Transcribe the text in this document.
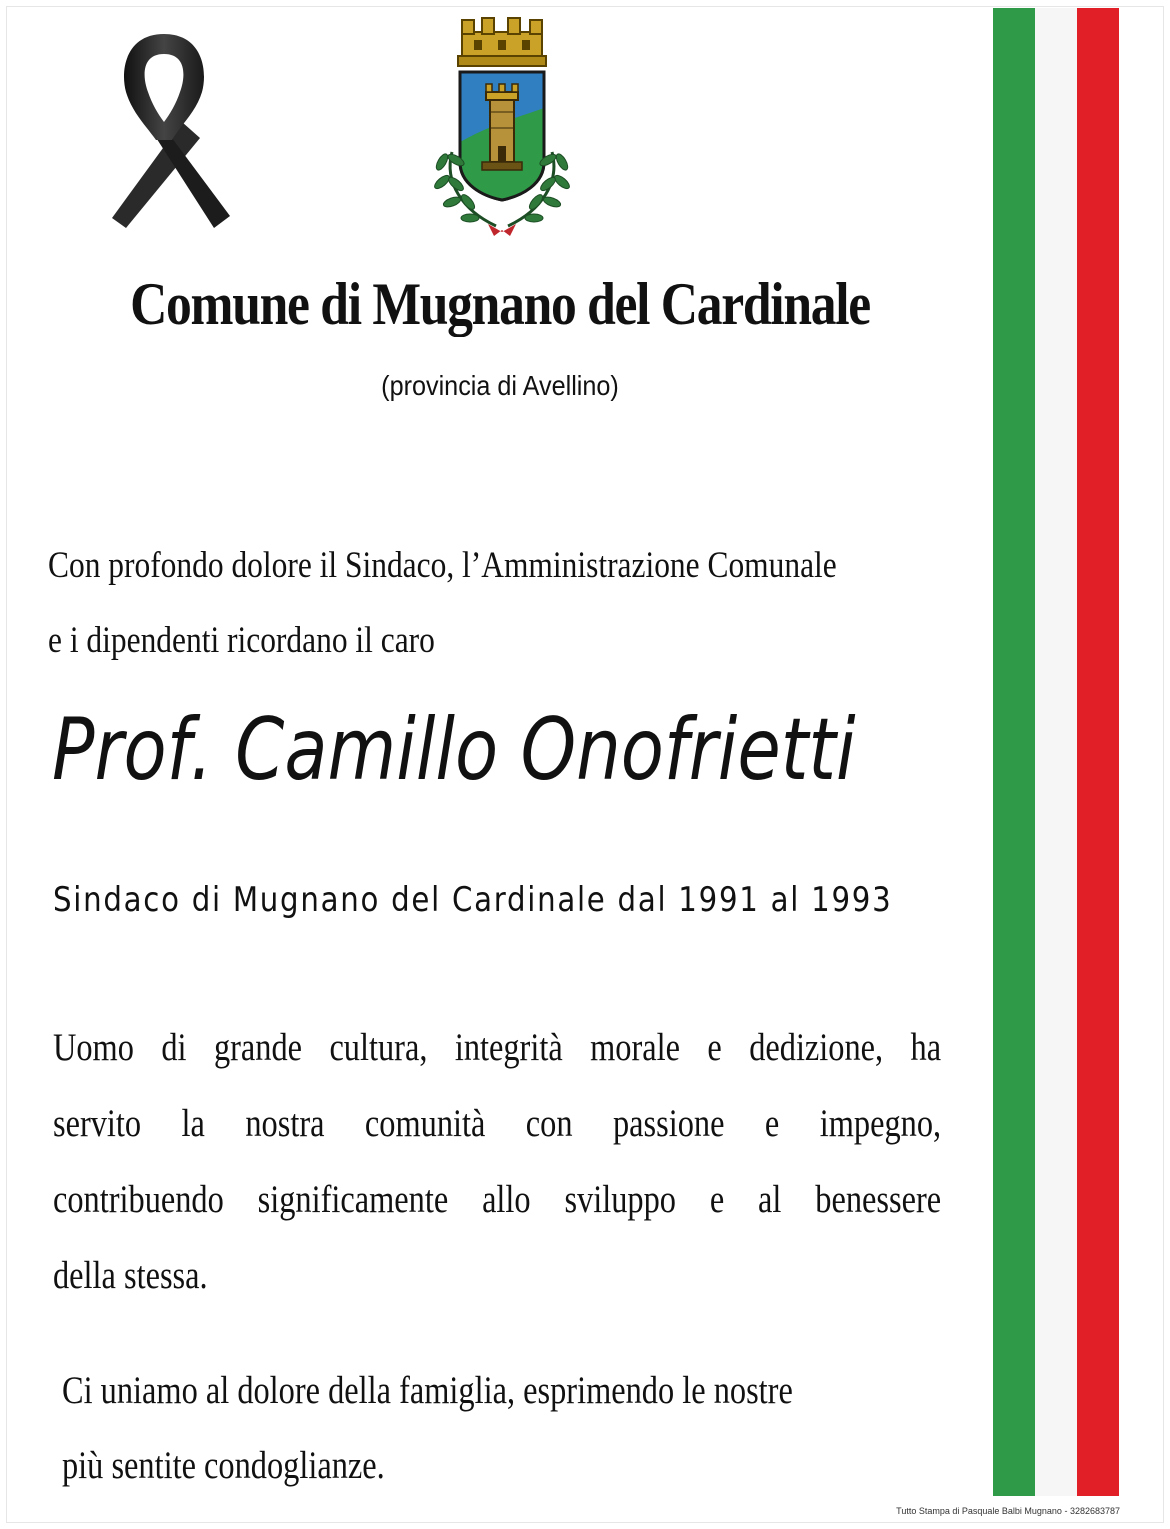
Comune di Mugnano del Cardinale
(provincia di Avellino)
Con profondo dolore il Sindaco, l’Amministrazione Comunale
e i dipendenti ricordano il caro
Prof. Camillo Onofrietti
Sindaco di Mugnano del Cardinale dal 1991 al 1993
Uomo di grande cultura, integrità morale e dedizione, ha
servito la nostra comunità con passione e impegno,
contribuendo significamente allo sviluppo e al benessere
della stessa.
Ci uniamo al dolore della famiglia, esprimendo le nostre
più sentite condoglianze.
Tutto Stampa di Pasquale Balbi Mugnano - 3282683787
